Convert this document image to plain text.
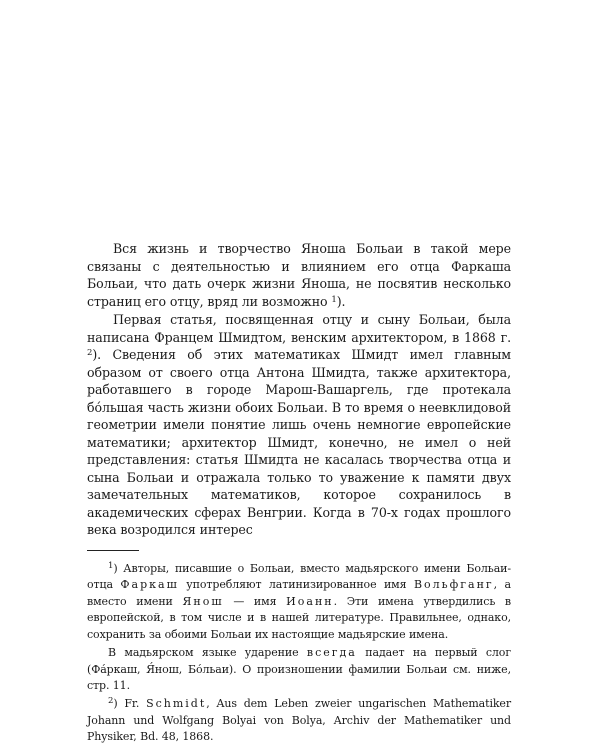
Вся жизнь и творчество Яноша Больаи в такой мере связаны с деятельностью и влиянием его отца Фаркаша Больаи, что дать очерк жизни Яноша, не посвятив несколько страниц его отцу, вряд ли возможно $^1$).

Первая статья, посвященная отцу и сыну Больаи, была написана Францем Шмидтом, венским архитектором, в 1868 г. $^2$). Сведения об этих математиках Шмидт имел главным образом от своего отца Антона Шмидта, также архитектора, работавшего в городе Марош-Вашаргель, где протекала бо́льшая часть жизни обоих Больаи. В то время о неевклидовой геометрии имели понятие лишь очень немногие европейские математики; архитектор Шмидт, конечно, не имел о ней представления: статья Шмидта не касалась творчества отца и сына Больаи и отражала только то уважение к памяти двух замечательных математиков, которое сохранилось в академических сферах Венгрии. Когда в 70-х годах прошлого века возродился интерес

$^1$) Авторы, писавшие о Больаи, вместо мадьярского имени Больаи-отца Фаркаш употребляют латинизированное имя Вольфганг, а вместо имени Янош — имя Иоанн. Эти имена утвердились в европейской, в том числе и в нашей литературе. Правильнее, однако, сохранить за обоими Больаи их настоящие мадьярские имена.

В мадьярском языке ударение всегда падает на первый слог (Фа́ркаш, Я́нош, Бо́льаи). О произношении фамилии Больаи см. ниже, стр. 11.

$^2$) Fr. Schmidt, Aus dem Leben zweier ungarischen Mathematiker Johann und Wolfgang Bolyai von Bolya, Archiv der Mathematiker und Physiker, Bd. 48, 1868.
